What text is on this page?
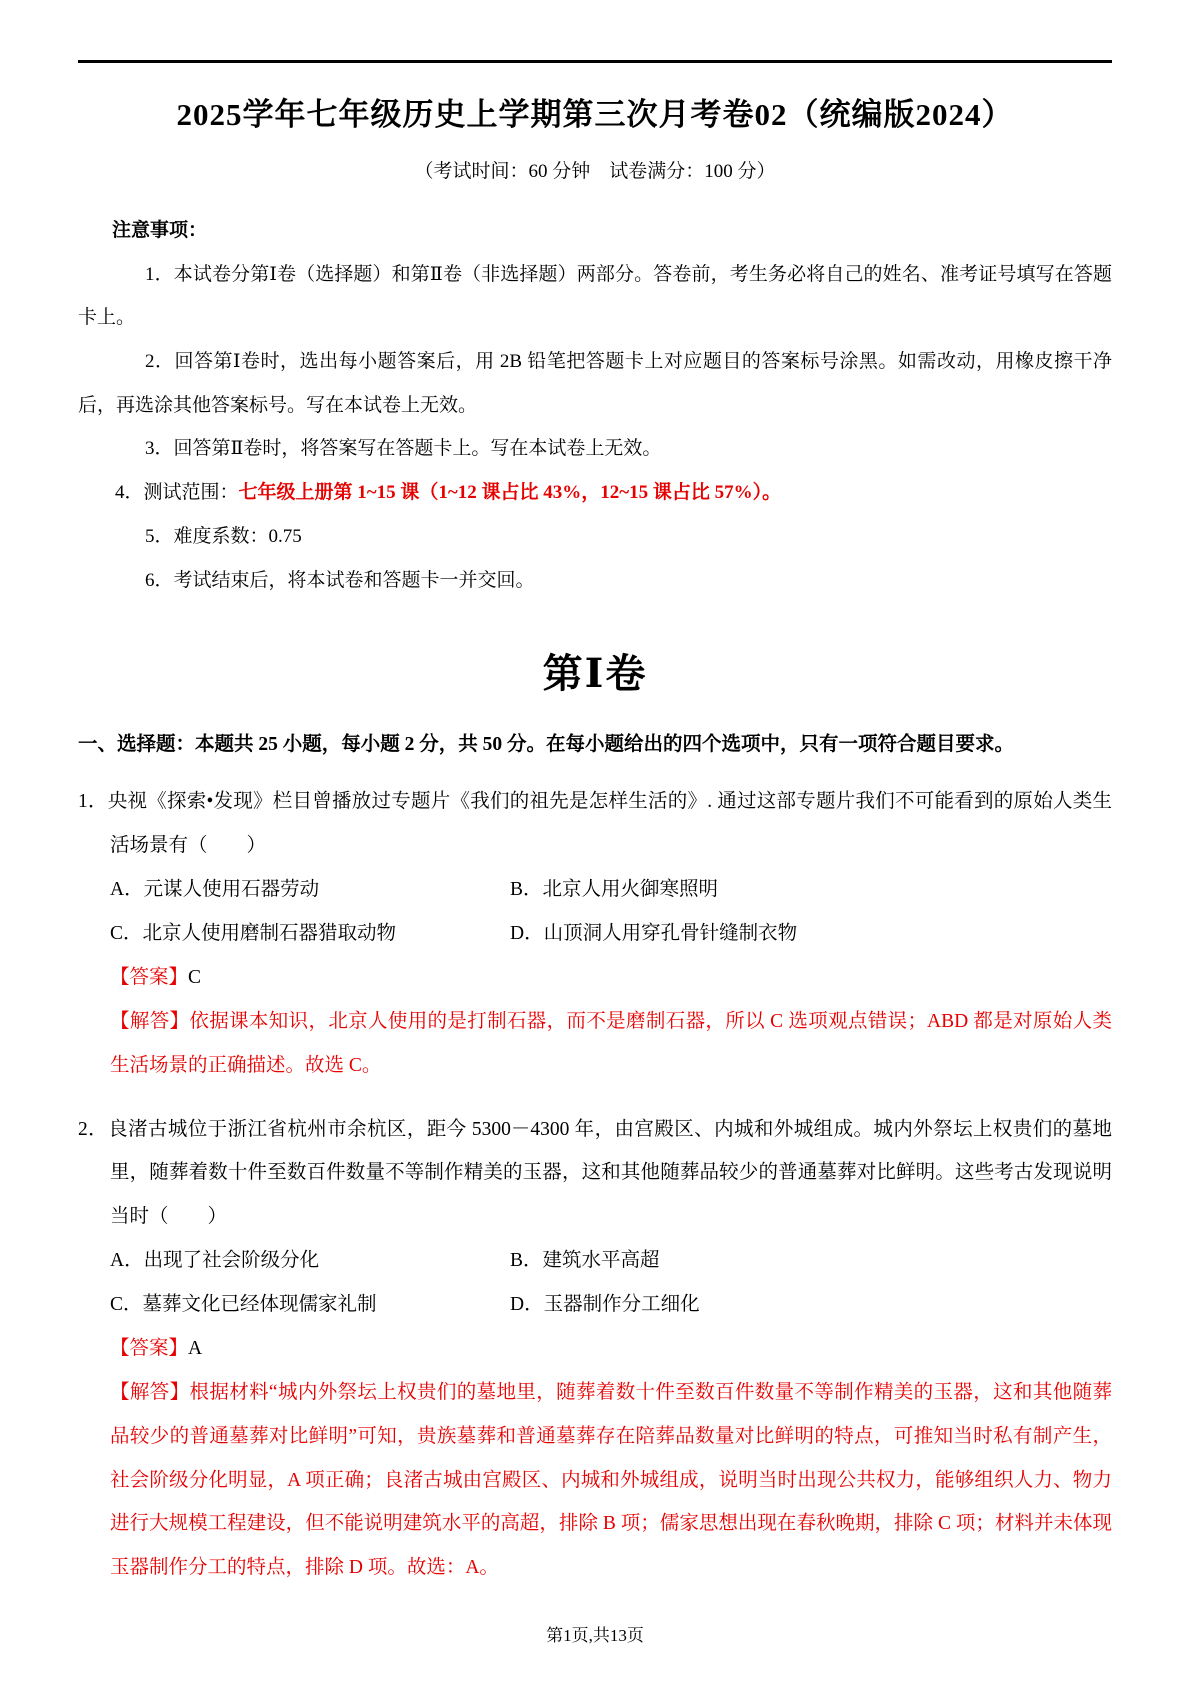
2025学年七年级历史上学期第三次月考卷02（统编版2024）

（考试时间：60 分钟　试卷满分：100 分）

注意事项：

1．本试卷分第Ⅰ卷（选择题）和第Ⅱ卷（非选择题）两部分。答卷前，考生务必将自己的姓名、准考证号填写在答题卡上。

2．回答第Ⅰ卷时，选出每小题答案后，用 2B 铅笔把答题卡上对应题目的答案标号涂黑。如需改动，用橡皮擦干净后，再选涂其他答案标号。写在本试卷上无效。

3．回答第Ⅱ卷时，将答案写在答题卡上。写在本试卷上无效。

4．测试范围：七年级上册第 1~15 课（1~12 课占比 43%，12~15 课占比 57%）。

5．难度系数：0.75

6．考试结束后，将本试卷和答题卡一并交回。

第Ⅰ卷

一、选择题：本题共 25 小题，每小题 2 分，共 50 分。在每小题给出的四个选项中，只有一项符合题目要求。

1．央视《探索•发现》栏目曾播放过专题片《我们的祖先是怎样生活的》. 通过这部专题片我们不可能看到的原始人类生活场景有（　　）

A．元谋人使用石器劳动	B．北京人用火御寒照明
C．北京人使用磨制石器猎取动物	D．山顶洞人用穿孔骨针缝制衣物

【答案】C

【解答】依据课本知识，北京人使用的是打制石器，而不是磨制石器，所以 C 选项观点错误；ABD 都是对原始人类生活场景的正确描述。故选 C。

2．良渚古城位于浙江省杭州市余杭区，距今 5300－4300 年，由宫殿区、内城和外城组成。城内外祭坛上权贵们的墓地里，随葬着数十件至数百件数量不等制作精美的玉器，这和其他随葬品较少的普通墓葬对比鲜明。这些考古发现说明当时（　　）

A．出现了社会阶级分化	B．建筑水平高超
C．墓葬文化已经体现儒家礼制	D．玉器制作分工细化

【答案】A

【解答】根据材料“城内外祭坛上权贵们的墓地里，随葬着数十件至数百件数量不等制作精美的玉器，这和其他随葬品较少的普通墓葬对比鲜明”可知，贵族墓葬和普通墓葬存在陪葬品数量对比鲜明的特点，可推知当时私有制产生，社会阶级分化明显，A 项正确；良渚古城由宫殿区、内城和外城组成，说明当时出现公共权力，能够组织人力、物力进行大规模工程建设，但不能说明建筑水平的高超，排除 B 项；儒家思想出现在春秋晚期，排除 C 项；材料并未体现玉器制作分工的特点，排除 D 项。故选：A。

第1页,共13页
